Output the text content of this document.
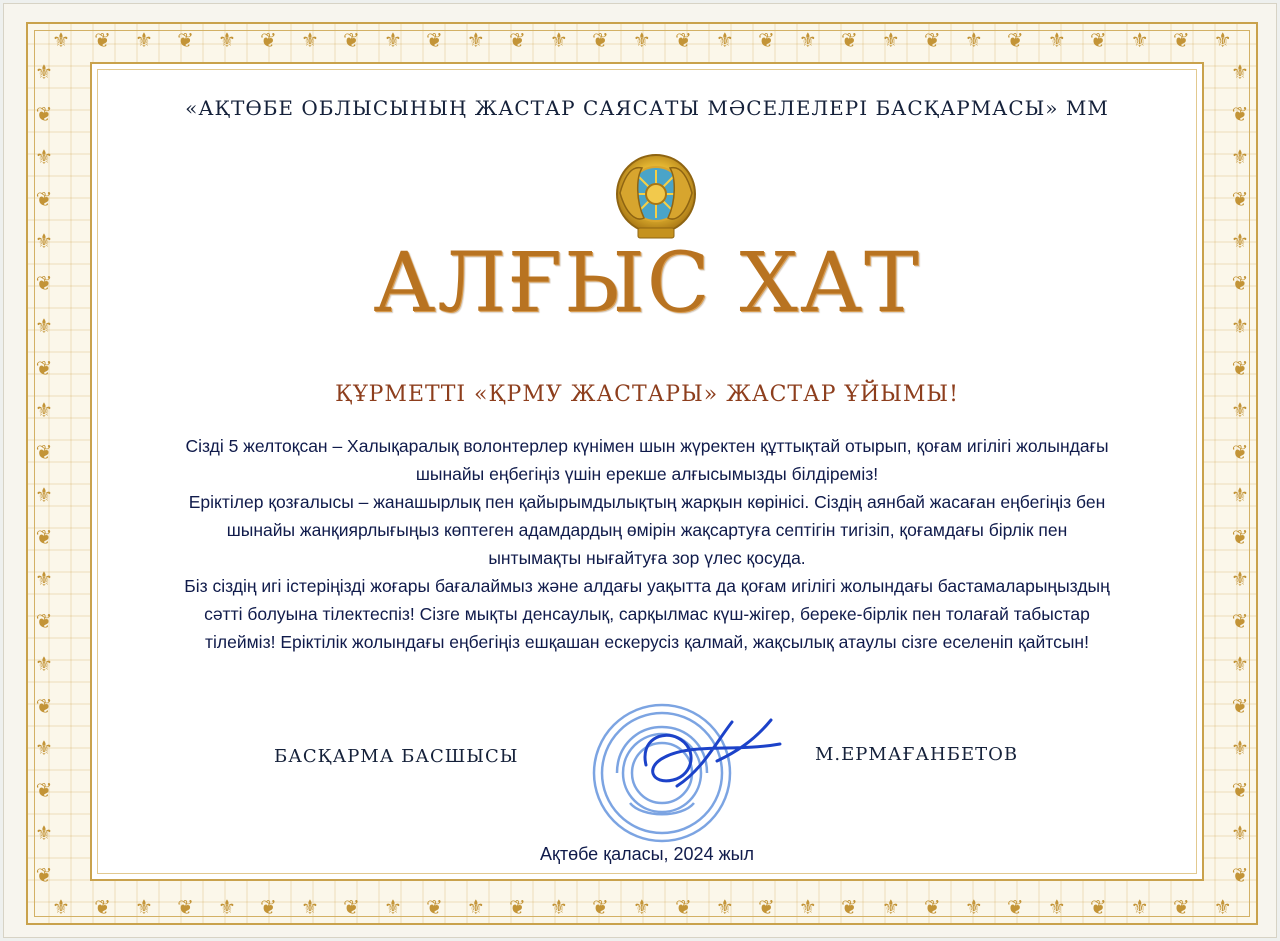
⚜ ❦ ⚜ ❦ ⚜ ❦ ⚜ ❦ ⚜ ❦ ⚜ ❦ ⚜ ❦ ⚜ ❦ ⚜ ❦ ⚜ ❦ ⚜ ❦ ⚜ ❦ ⚜ ❦ ⚜ ❦ ⚜
⚜ ❦ ⚜ ❦ ⚜ ❦ ⚜ ❦ ⚜ ❦ ⚜ ❦ ⚜ ❦ ⚜ ❦ ⚜ ❦ ⚜ ❦ ⚜ ❦ ⚜ ❦ ⚜ ❦ ⚜ ❦ ⚜
⚜
❦
⚜
❦
⚜
❦
⚜
❦
⚜
❦
⚜
❦
⚜
❦
⚜
❦
⚜
❦
⚜
❦
⚜
❦
⚜
❦
⚜
❦
⚜
❦
⚜
❦
⚜
❦
⚜
❦
⚜
❦
⚜
❦
⚜
❦
«АҚТӨБЕ ОБЛЫСЫНЫҢ ЖАСТАР САЯСАТЫ МӘСЕЛЕЛЕРІ БАСҚАРМАСЫ» ММ
АЛҒЫС ХАТ
ҚҰРМЕТТІ «ҚРМУ ЖАСТАРЫ» ЖАСТАР ҰЙЫМЫ!

Сізді 5 желтоқсан – Халықаралық волонтерлер күнімен шын жүректен құттықтай отырып, қоғам игілігі жолындағы шынайы еңбегіңіз үшін ерекше алғысымызды білдіреміз!

Еріктілер қозғалысы – жанашырлық пен қайырымдылықтың жарқын көрінісі. Сіздің аянбай жасаған еңбегіңіз бен шынайы жанқиярлығыңыз көптеген адамдардың өмірін жақсартуға септігін тигізіп, қоғамдағы бірлік пен ынтымақты нығайтуға зор үлес қосуда.

Біз сіздің игі істеріңізді жоғары бағалаймыз және алдағы уақытта да қоғам игілігі жолындағы бастамаларыңыздың сәтті болуына тілектеспіз! Сізге мықты денсаулық, сарқылмас күш-жігер, береке-бірлік пен толағай табыстар тілейміз! Еріктілік жолындағы еңбегіңіз ешқашан ескерусіз қалмай, жақсылық атаулы сізге еселеніп қайтсын!

БАСҚАРМА БАСШЫСЫ	М.ЕРМАҒАНБЕТОВ
Ақтөбе қаласы, 2024 жыл
